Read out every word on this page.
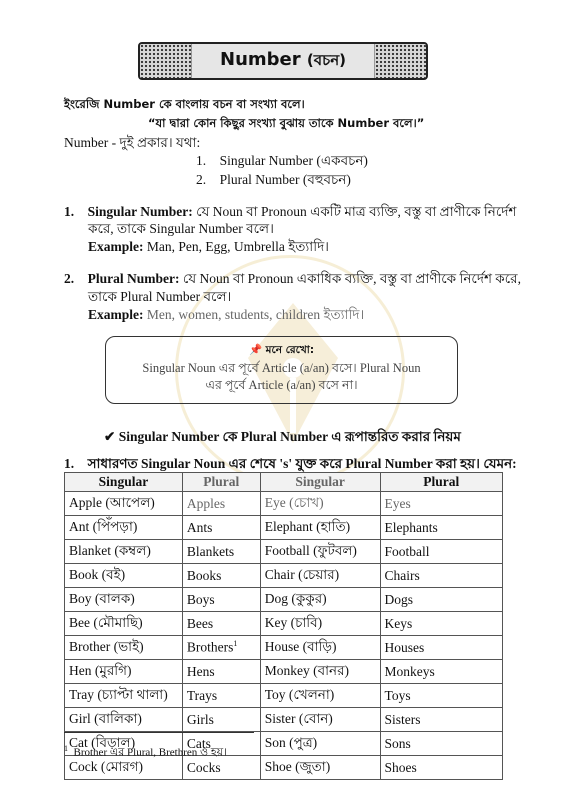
Number (বচন)
ইংরেজি Number কে বাংলায় বচন বা সংখ্যা বলে।
“যা দ্বারা কোন কিছুর সংখ্যা বুঝায় তাকে Number বলে।”
Number - দুই প্রকার। যথা:
1. Singular Number (একবচন)
2. Plural Number (বহুবচন)
1. Singular Number: যে Noun বা Pronoun একটি মাত্র ব্যক্তি, বস্তু বা প্রাণীকে নির্দেশ
করে, তাকে Singular Number বলে।
Example: Man, Pen, Egg, Umbrella ইত্যাদি।
2. Plural Number: যে Noun বা Pronoun একাধিক ব্যক্তি, বস্তু বা প্রাণীকে নির্দেশ করে,
তাকে Plural Number বলে।
Example: Men, women, students, children ইত্যাদি।
📌 মনে রেখো:
Singular Noun এর পূর্বে Article (a/an) বসে। Plural Noun
এর পূর্বে Article (a/an) বসে না।
✔ Singular Number কে Plural Number এ রূপান্তরিত করার নিয়ম
1. সাধারণত Singular Noun এর শেষে 's' যুক্ত করে Plural Number করা হয়। যেমন:
Singular	Plural	Singular	Plural
Apple (আপেল)	Apples	Eye (চোখ)	Eyes
Ant (পিঁপড়া)	Ants	Elephant (হাতি)	Elephants
Blanket (কম্বল)	Blankets	Football (ফুটবল)	Football
Book (বই)	Books	Chair (চেয়ার)	Chairs
Boy (বালক)	Boys	Dog (কুকুর)	Dogs
Bee (মৌমাছি)	Bees	Key (চাবি)	Keys
Brother (ভাই)	Brothers$^1$	House (বাড়ি)	Houses
Hen (মুরগি)	Hens	Monkey (বানর)	Monkeys
Tray (চ্যাপ্টা থালা)	Trays	Toy (খেলনা)	Toys
Girl (বালিকা)	Girls	Sister (বোন)	Sisters
Cat (বিড়াল)	Cats	Son (পুত্র)	Sons
Cock (মোরগ)	Cocks	Shoe (জুতা)	Shoes
$^1$ Brother এর Plural, Brethren ও হয়।
